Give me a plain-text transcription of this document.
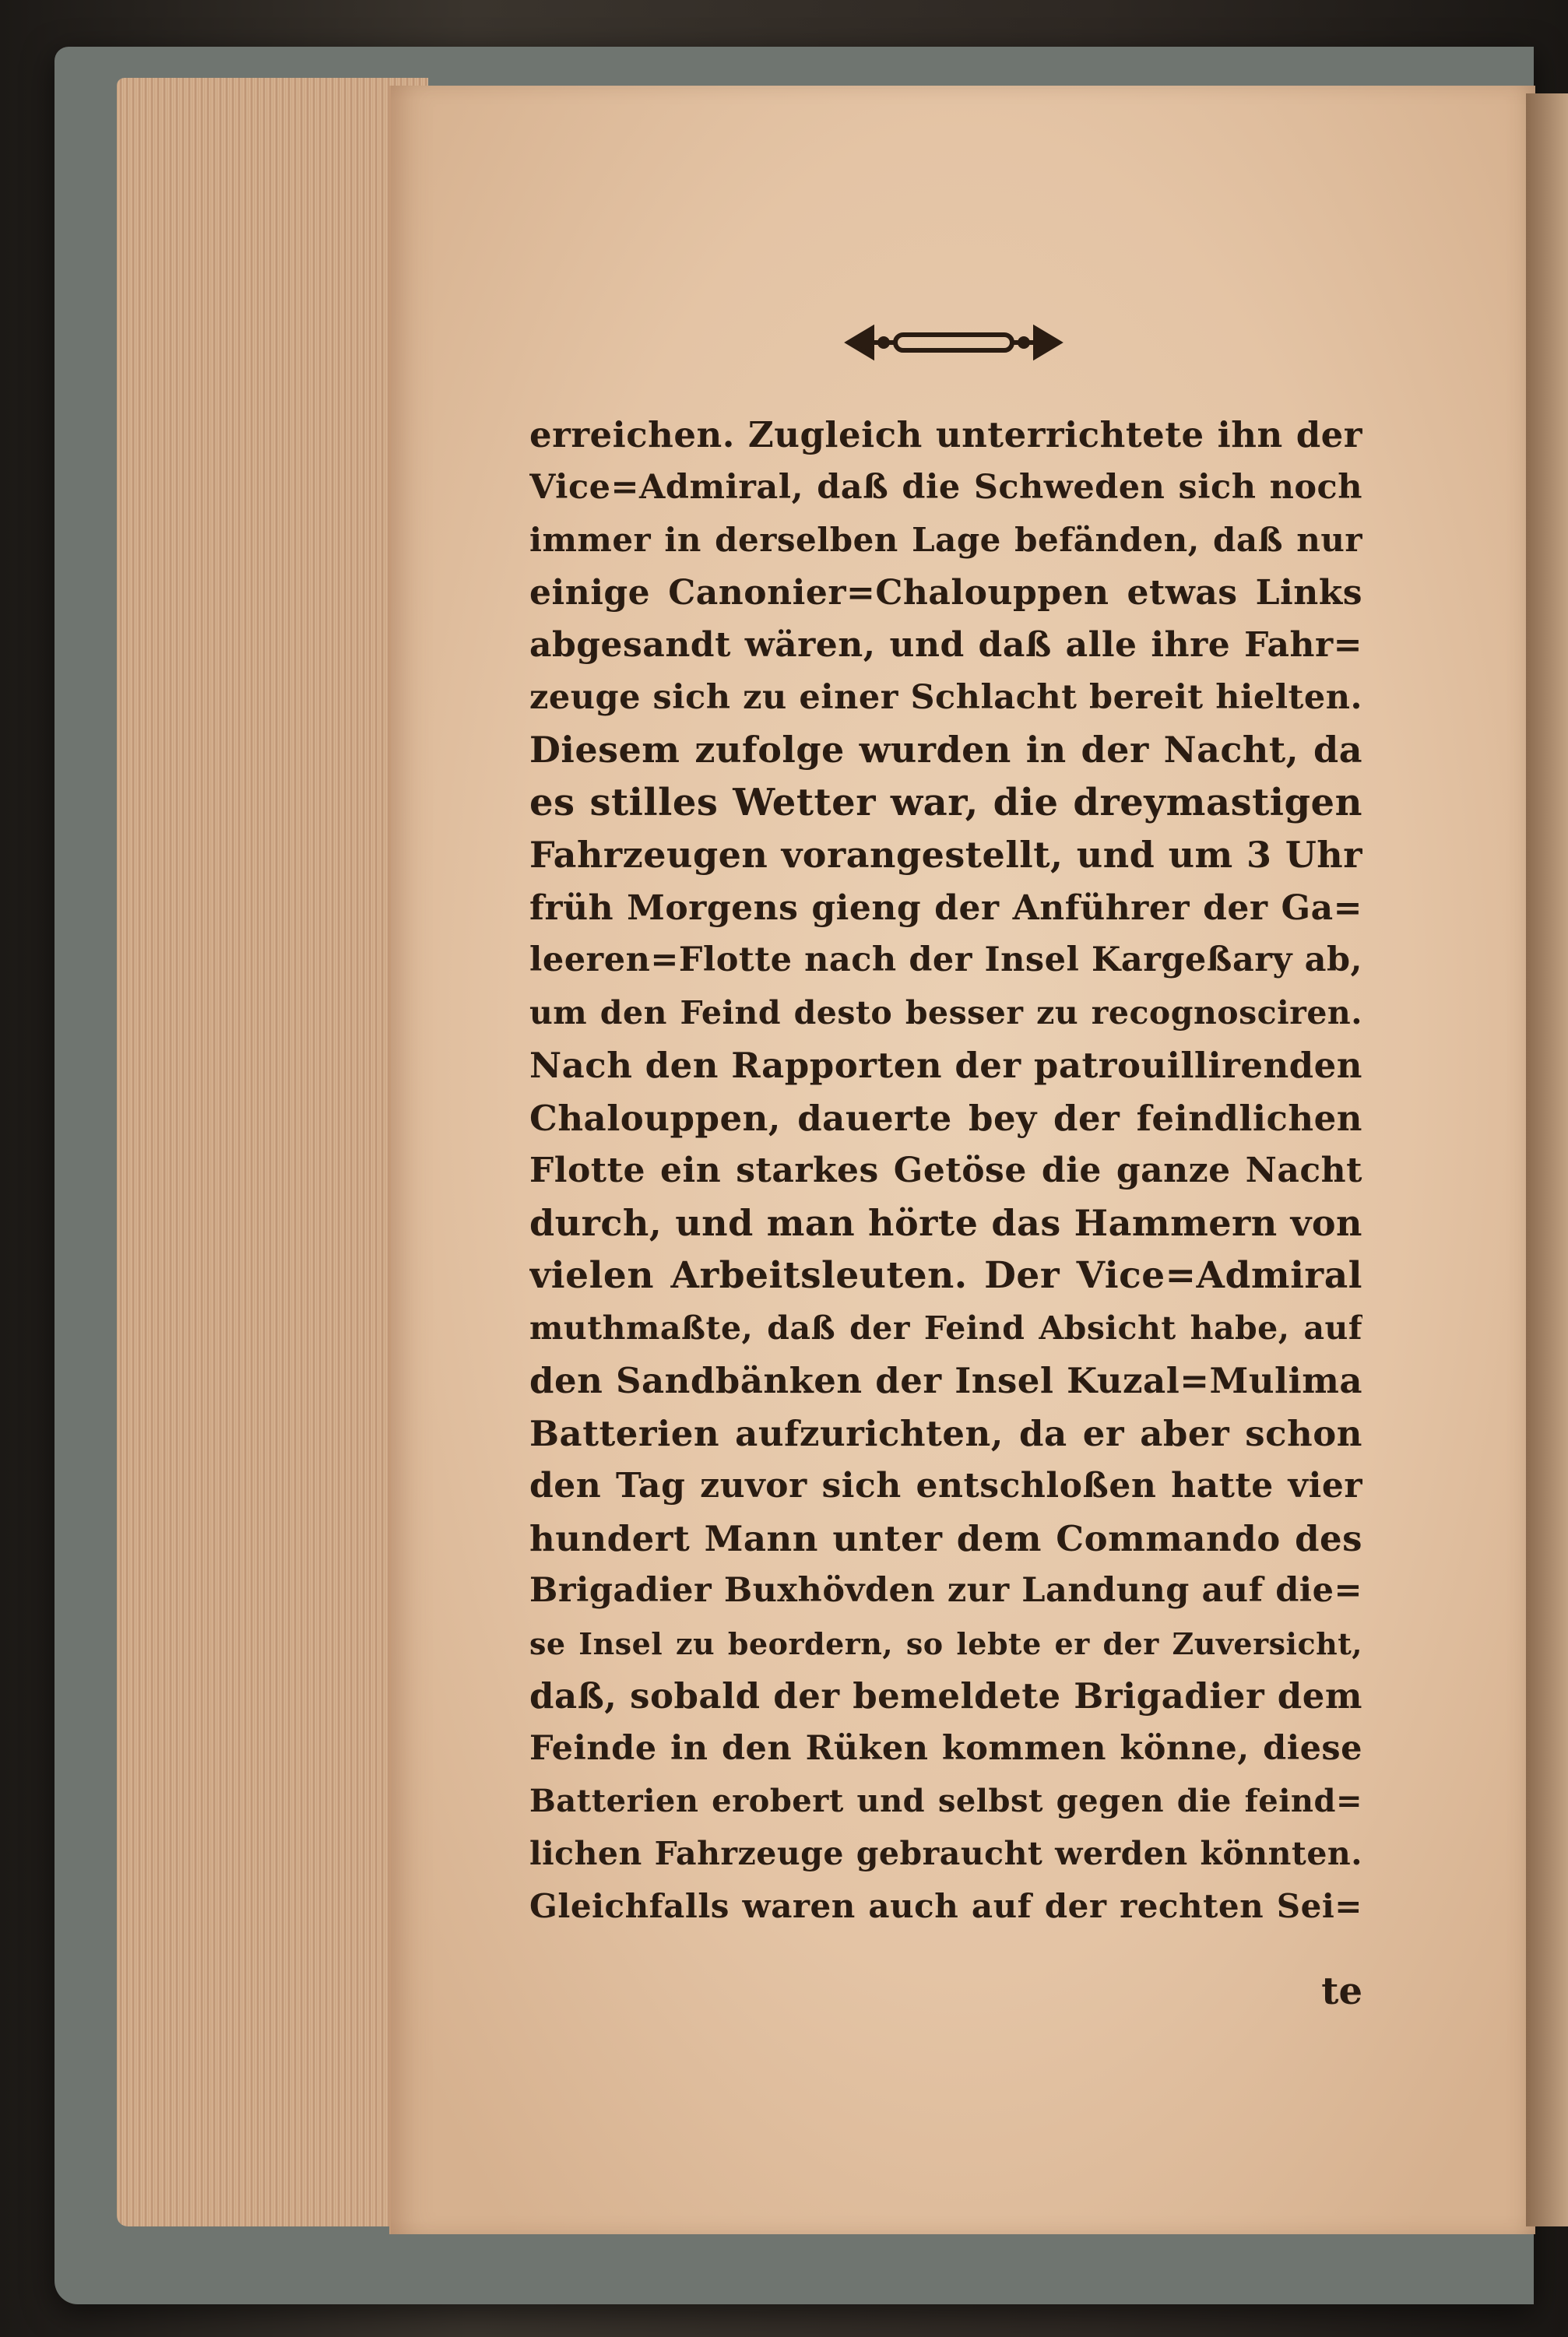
erreichen. Zugleich unterrichtete ihn der
Vice=Admiral, daß die Schweden sich noch
immer in derselben Lage befänden, daß nur
einige Canonier=Chalouppen etwas Links
abgesandt wären, und daß alle ihre Fahr=
zeuge sich zu einer Schlacht bereit hielten.
Diesem zufolge wurden in der Nacht, da
es stilles Wetter war, die dreymastigen
Fahrzeugen vorangestellt, und um 3 Uhr
früh Morgens gieng der Anführer der Ga=
leeren=Flotte nach der Insel Kargeßary ab,
um den Feind desto besser zu recognosciren.
Nach den Rapporten der patrouillirenden
Chalouppen, dauerte bey der feindlichen
Flotte ein starkes Getöse die ganze Nacht
durch, und man hörte das Hammern von
vielen Arbeitsleuten. Der Vice=Admiral
muthmaßte, daß der Feind Absicht habe, auf
den Sandbänken der Insel Kuzal=Mulima
Batterien aufzurichten, da er aber schon
den Tag zuvor sich entschloßen hatte vier
hundert Mann unter dem Commando des
Brigadier Buxhövden zur Landung auf die=
se Insel zu beordern, so lebte er der Zuversicht,
daß, sobald der bemeldete Brigadier dem
Feinde in den Rüken kommen könne, diese
Batterien erobert und selbst gegen die feind=
lichen Fahrzeuge gebraucht werden könnten.
Gleichfalls waren auch auf der rechten Sei=
te
